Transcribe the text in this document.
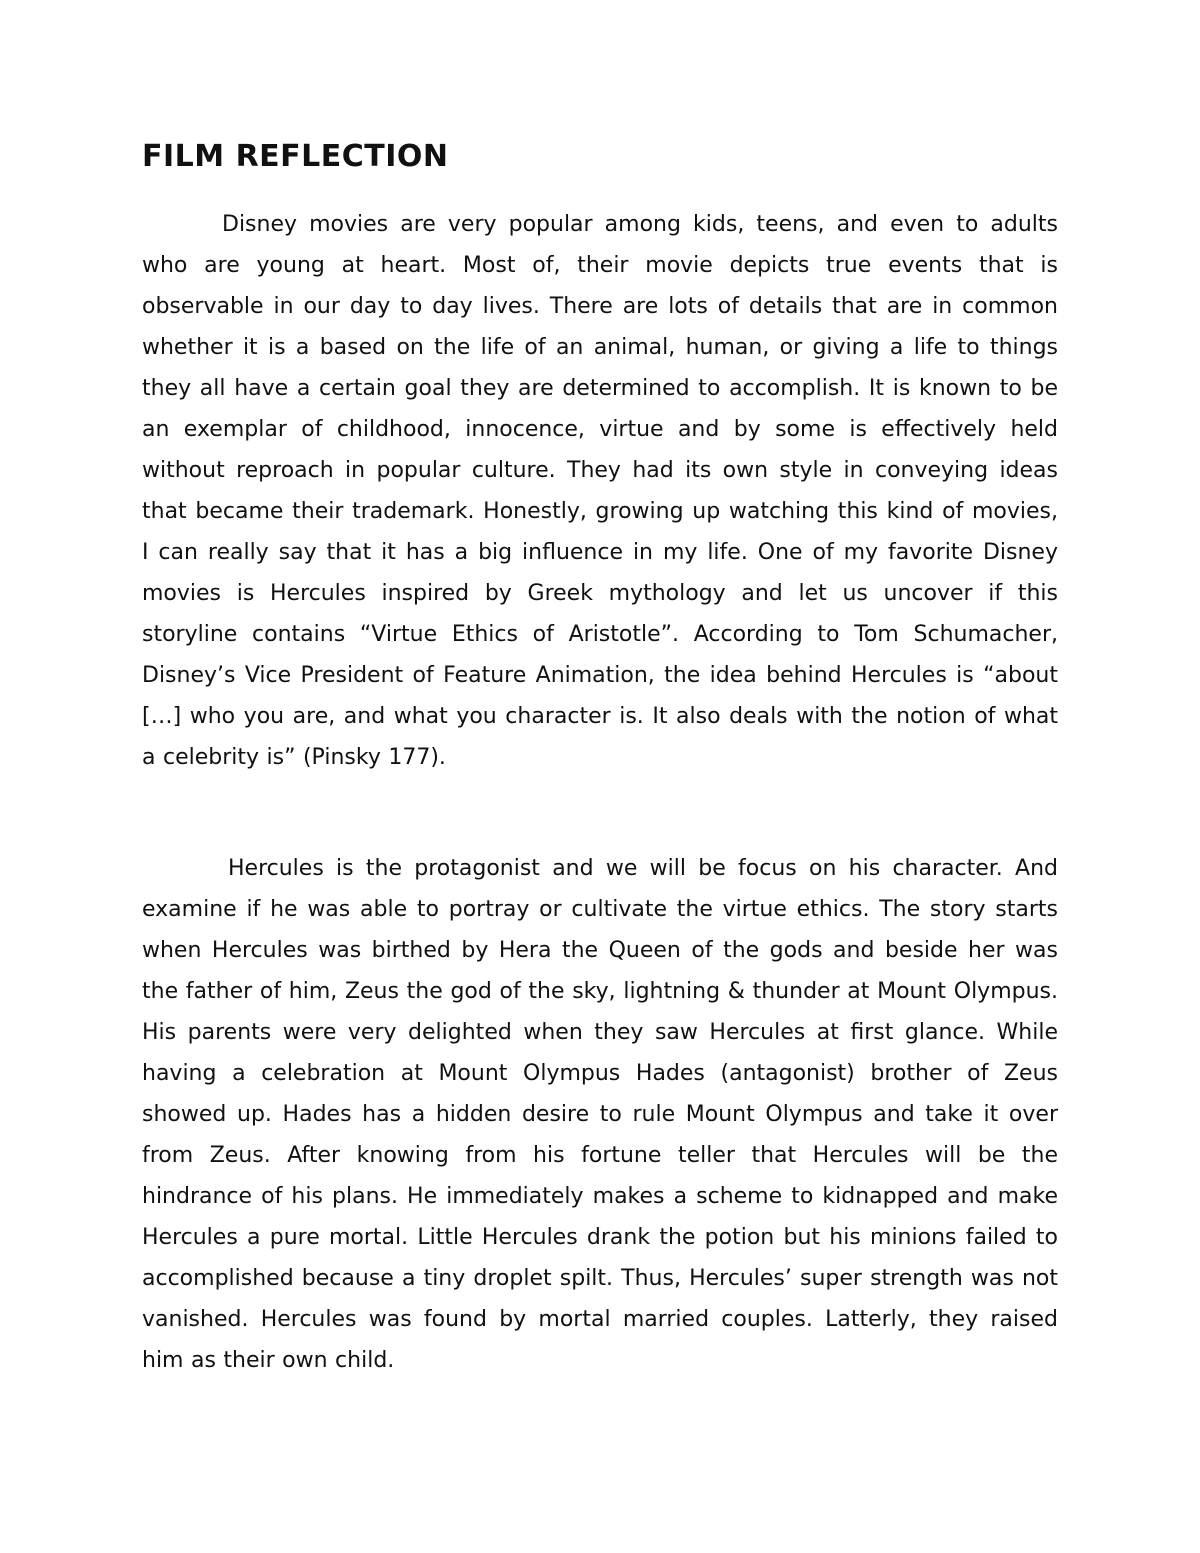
FILM REFLECTION

Disney movies are very popular among kids, teens, and even to adults who are young at heart. Most of, their movie depicts true events that is observable in our day to day lives. There are lots of details that are in common whether it is a based on the life of an animal, human, or giving a life to things they all have a certain goal they are determined to accomplish. It is known to be an exemplar of childhood, innocence, virtue and by some is effectively held without reproach in popular culture. They had its own style in conveying ideas that became their trademark. Honestly, growing up watching this kind of movies, I can really say that it has a big influence in my life. One of my favorite Disney movies is Hercules inspired by Greek mythology and let us uncover if this storyline contains “Virtue Ethics of Aristotle”. According to Tom Schumacher, Disney’s Vice President of Feature Animation, the idea behind Hercules is “about […] who you are, and what you character is. It also deals with the notion of what a celebrity is” (Pinsky 177).

Hercules is the protagonist and we will be focus on his character. And examine if he was able to portray or cultivate the virtue ethics. The story starts when Hercules was birthed by Hera the Queen of the gods and beside her was the father of him, Zeus the god of the sky, lightning & thunder at Mount Olympus. His parents were very delighted when they saw Hercules at first glance. While having a celebration at Mount Olympus Hades (antagonist) brother of Zeus showed up. Hades has a hidden desire to rule Mount Olympus and take it over from Zeus. After knowing from his fortune teller that Hercules will be the hindrance of his plans. He immediately makes a scheme to kidnapped and make Hercules a pure mortal. Little Hercules drank the potion but his minions failed to accomplished because a tiny droplet spilt. Thus, Hercules’ super strength was not vanished. Hercules was found by mortal married couples. Latterly, they raised him as their own child.
